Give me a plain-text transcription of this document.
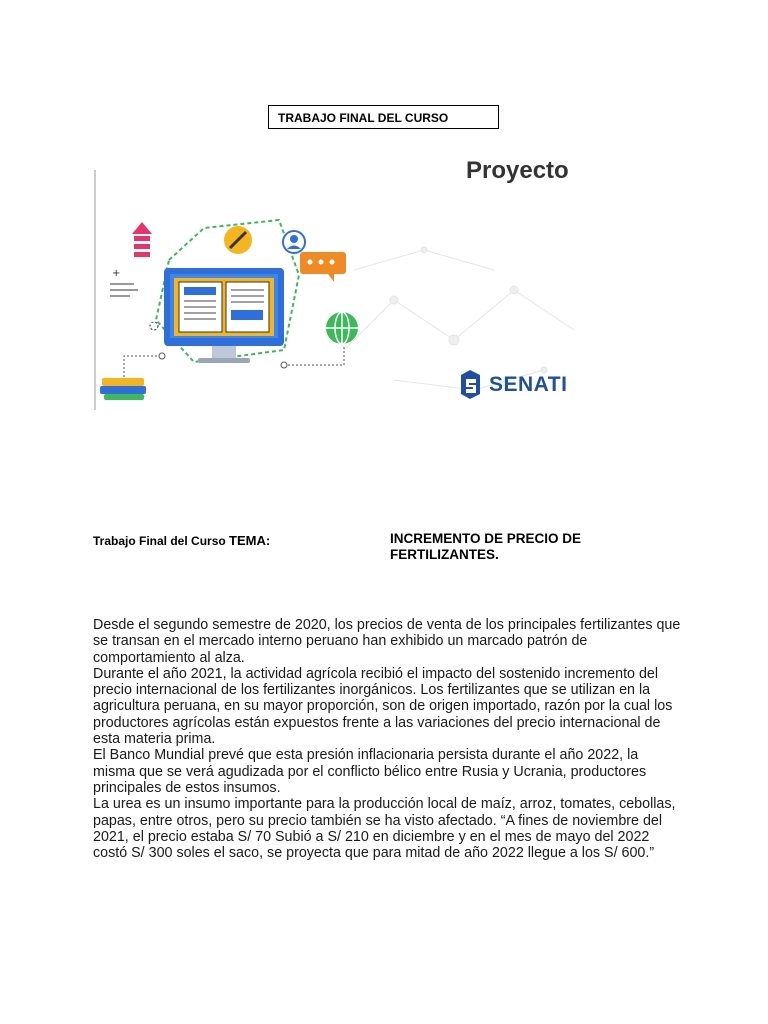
TRABAJO FINAL DEL CURSO
+
Proyecto
SENATI
Trabajo Final del Curso TEMA:	INCREMENTO DE PRECIO DE
FERTILIZANTES.

Desde el segundo semestre de 2020, los precios de venta de los principales fertilizantes que se transan en el mercado interno peruano han exhibido un marcado patrón de comportamiento al alza.

Durante el año 2021, la actividad agrícola recibió el impacto del sostenido incremento del precio internacional de los fertilizantes inorgánicos. Los fertilizantes que se utilizan en la agricultura peruana, en su mayor proporción, son de origen importado, razón por la cual los productores agrícolas están expuestos frente a las variaciones del precio internacional de esta materia prima.

El Banco Mundial prevé que esta presión inflacionaria persista durante el año 2022, la misma que se verá agudizada por el conflicto bélico entre Rusia y Ucrania, productores principales de estos insumos.

La urea es un insumo importante para la producción local de maíz, arroz, tomates, cebollas, papas, entre otros, pero su precio también se ha visto afectado. “A fines de noviembre del 2021, el precio estaba S/ 70 Subió a S/ 210 en diciembre y en el mes de mayo del 2022 costó S/ 300 soles el saco, se proyecta que para mitad de año 2022 llegue a los S/ 600.”
